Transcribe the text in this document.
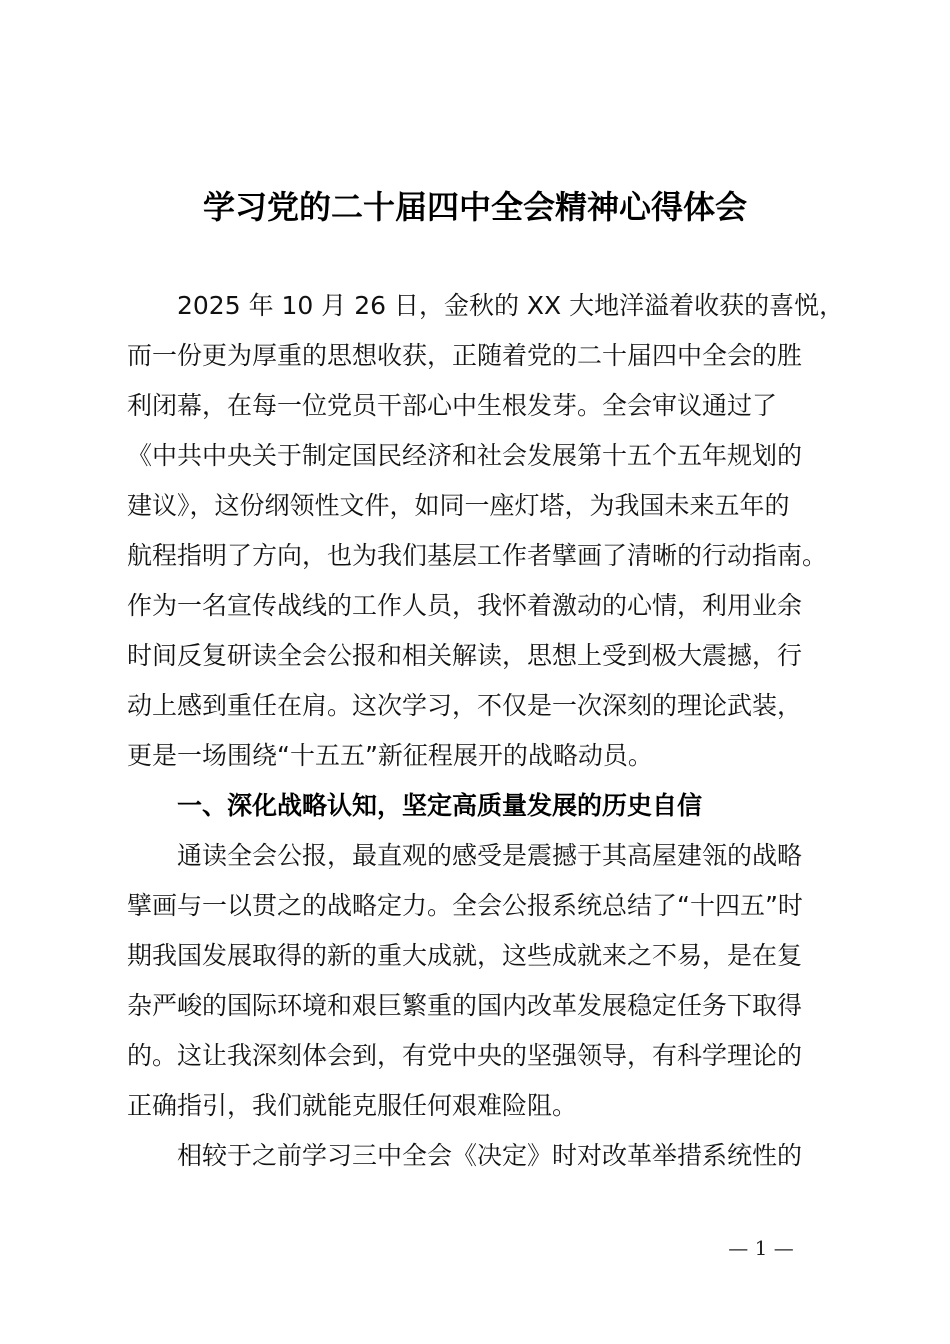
学习党的二十届四中全会精神心得体会
2025 年 10 月 26 日，金秋的 XX 大地洋溢着收获的喜悦，
而一份更为厚重的思想收获，正随着党的二十届四中全会的胜
利闭幕，在每一位党员干部心中生根发芽。全会审议通过了
《中共中央关于制定国民经济和社会发展第十五个五年规划的
建议》，这份纲领性文件，如同一座灯塔，为我国未来五年的
航程指明了方向，也为我们基层工作者擘画了清晰的行动指南。
作为一名宣传战线的工作人员，我怀着激动的心情，利用业余
时间反复研读全会公报和相关解读，思想上受到极大震撼，行
动上感到重任在肩。这次学习，不仅是一次深刻的理论武装，
更是一场围绕“十五五”新征程展开的战略动员。
一、深化战略认知，坚定高质量发展的历史自信
通读全会公报，最直观的感受是震撼于其高屋建瓴的战略
擘画与一以贯之的战略定力。全会公报系统总结了“十四五”时
期我国发展取得的新的重大成就，这些成就来之不易，是在复
杂严峻的国际环境和艰巨繁重的国内改革发展稳定任务下取得
的。这让我深刻体会到，有党中央的坚强领导，有科学理论的
正确指引，我们就能克服任何艰难险阻。
相较于之前学习三中全会《决定》时对改革举措系统性的
— 1 —
